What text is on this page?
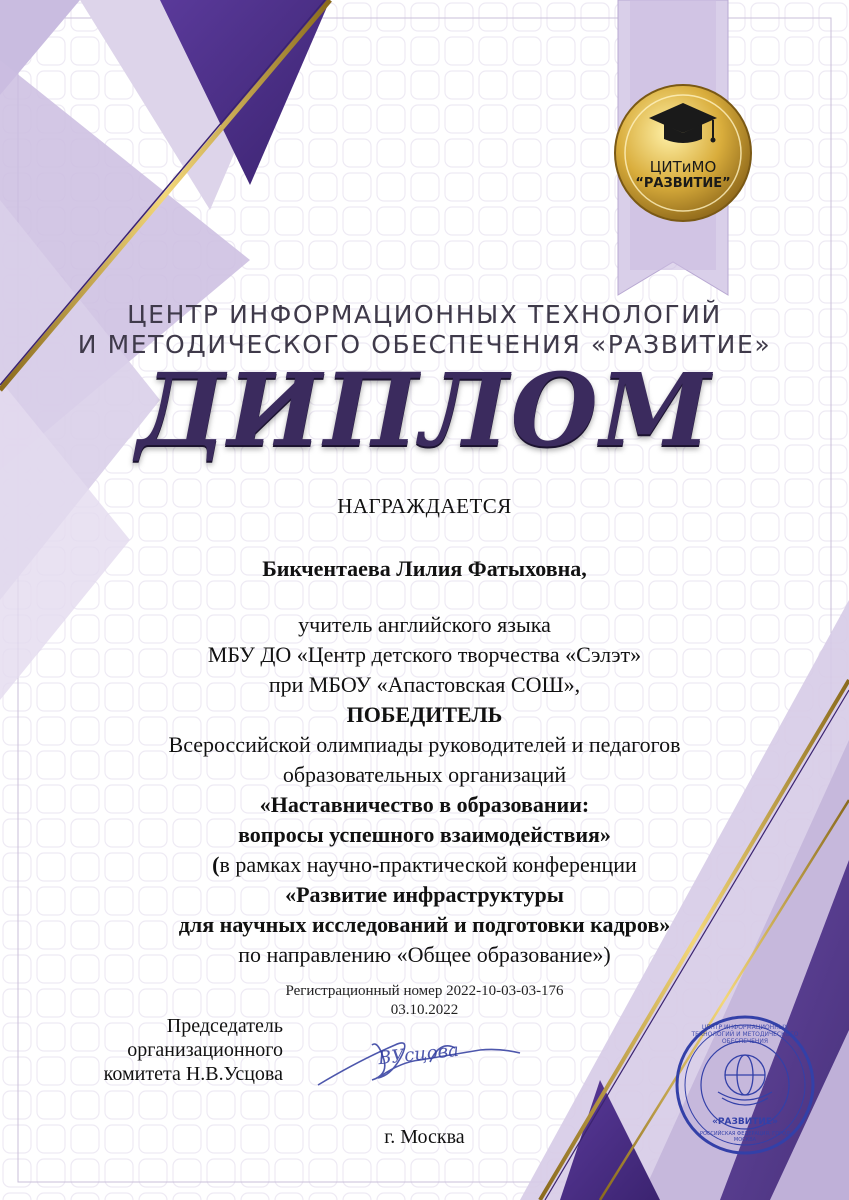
ЦИТиМО
“РАЗВИТИЕ”
ЦЕНТР ИНФОРМАЦИОННЫХ ТЕХНОЛОГИЙ
И МЕТОДИЧЕСКОГО ОБЕСПЕЧЕНИЯ «РАЗВИТИЕ»
ДИПЛОМ
НАГРАЖДАЕТСЯ
Бикчентаева Лилия Фатыховна,
учитель английского языка
МБУ ДО «Центр детского творчества «Сэлэт»
при МБОУ «Апастовская СОШ»,
ПОБЕДИТЕЛЬ
Всероссийской олимпиады руководителей и педагогов
образовательных организаций
«Наставничество в образовании:
вопросы успешного взаимодействия»
(в рамках научно-практической конференции
«Развитие инфраструктуры
для научных исследований и подготовки кадров»
по направлению «Общее образование»)
Регистрационный номер 2022-10-03-03-176
03.10.2022
Председатель
организационного
комитета Н.В.Усцова
ВУсцова
ЦЕНТР ИНФОРМАЦИОННЫХ ТЕХНОЛОГИЙ И МЕТОДИЧЕСКОГО ОБЕСПЕЧЕНИЯ
«РАЗВИТИЕ»
РОССИЙСКАЯ ФЕДЕРАЦИЯ, ГОРОД МОСКВА
г. Москва
